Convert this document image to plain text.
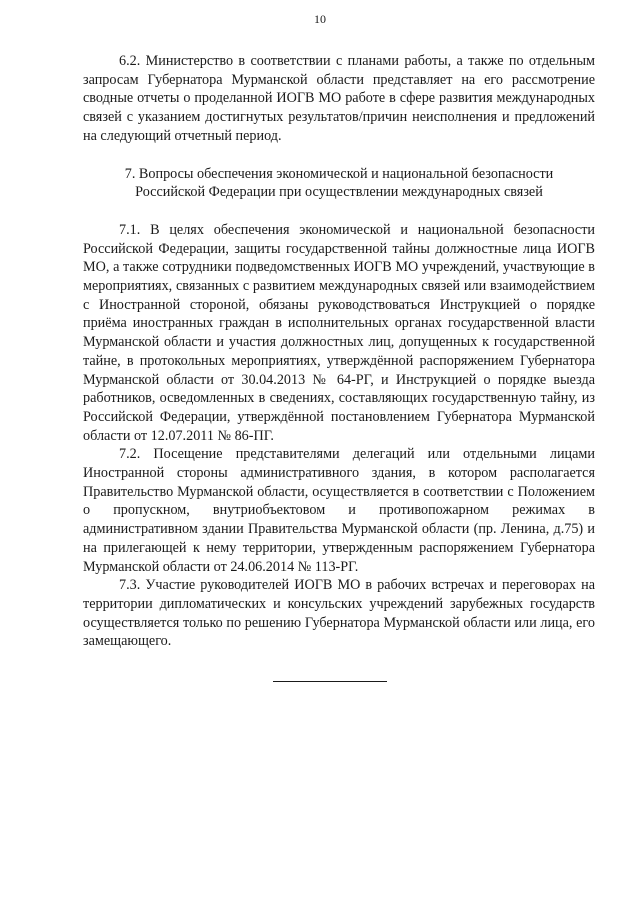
10

6.2. Министерство в соответствии с планами работы, а также по отдельным запросам Губернатора Мурманской области представляет на его рассмотрение сводные отчеты о проделанной ИОГВ МО работе в сфере развития международных связей с указанием достигнутых результатов/причин неисполнения и предложений на следующий отчетный период.

7. Вопросы обеспечения экономической и национальной безопасности
Российской Федерации при осуществлении международных связей

7.1. В целях обеспечения экономической и национальной безопасности Российской Федерации, защиты государственной тайны должностные лица ИОГВ МО, а также сотрудники подведомственных ИОГВ МО учреждений, участвующие в мероприятиях, связанных с развитием международных связей или взаимодействием с Иностранной стороной, обязаны руководствоваться Инструкцией о порядке приёма иностранных граждан в исполнительных органах государственной власти Мурманской области и участия должностных лиц, допущенных к государственной тайне, в протокольных мероприятиях, утверждённой распоряжением Губернатора Мурманской области от 30.04.2013 № 64-РГ, и Инструкцией о порядке выезда работников, осведомленных в сведениях, составляющих государственную тайну, из Российской Федерации, утверждённой постановлением Губернатора Мурманской области от 12.07.2011 № 86-ПГ.

7.2. Посещение представителями делегаций или отдельными лицами Иностранной стороны административного здания, в котором располагается Правительство Мурманской области, осуществляется в соответствии с Положением о пропускном, внутриобъектовом и противопожарном режимах в административном здании Правительства Мурманской области (пр. Ленина, д.75) и на прилегающей к нему территории, утвержденным распоряжением Губернатора Мурманской области от 24.06.2014 № 113-РГ.

7.3. Участие руководителей ИОГВ МО в рабочих встречах и переговорах на территории дипломатических и консульских учреждений зарубежных государств осуществляется только по решению Губернатора Мурманской области или лица, его замещающего.
